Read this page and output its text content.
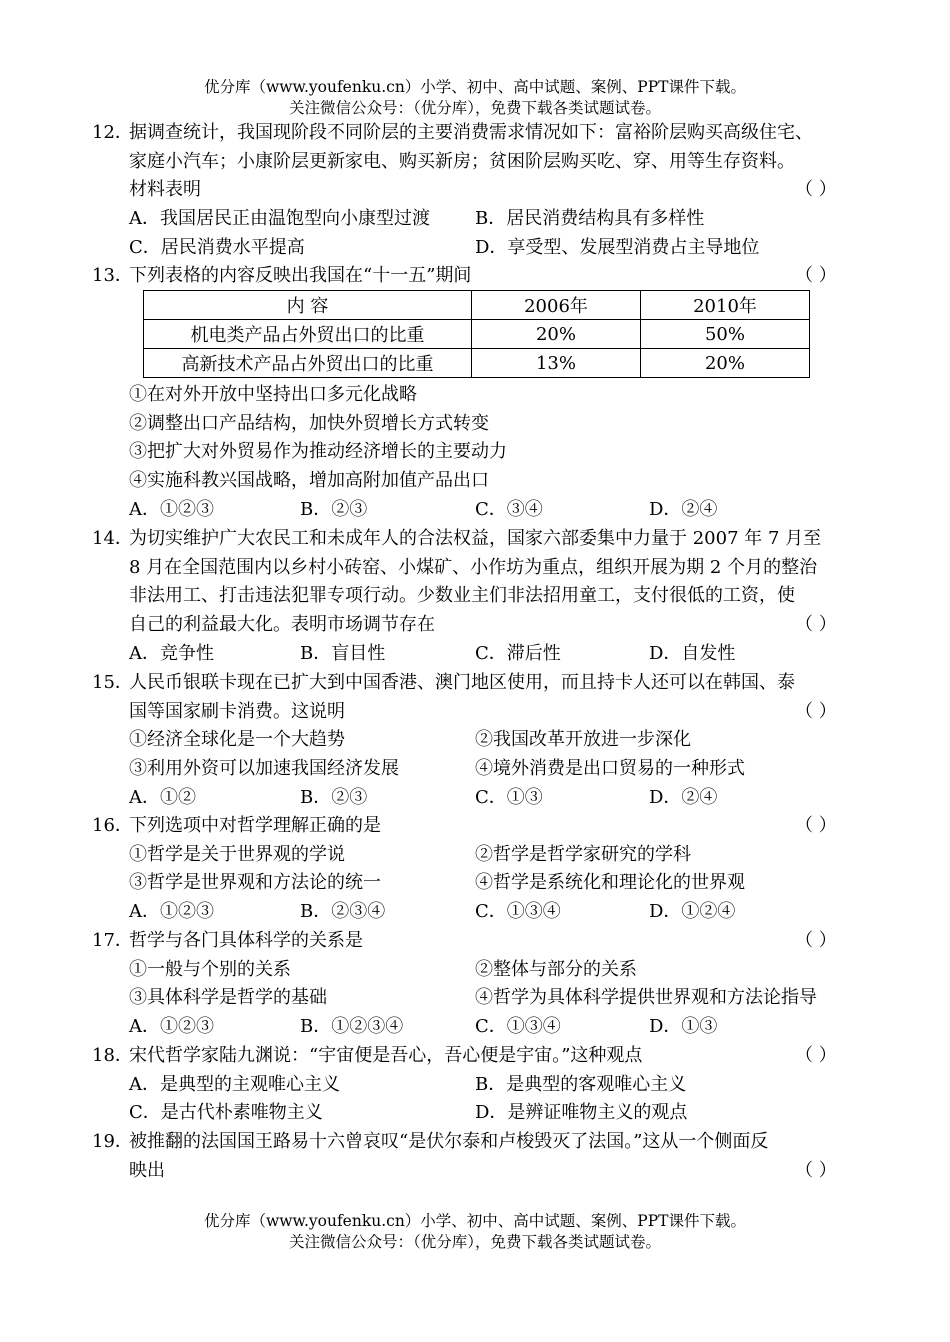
优分库（www.youfenku.cn）小学、初中、高中试题、案例、PPT课件下载。
关注微信公众号：（优分库），免费下载各类试题试卷。
12．
据调查统计，我国现阶段不同阶层的主要消费需求情况如下：富裕阶层购买高级住宅、
家庭小汽车；小康阶层更新家电、购买新房；贫困阶层购买吃、穿、用等生存资料。
材料表明	（ ）
A．我国居民正由温饱型向小康型过渡	B．居民消费结构具有多样性
C．居民消费水平提高	D．享受型、发展型消费占主导地位
13．
下列表格的内容反映出我国在“十一五”期间	（ ）
内 容	2006年	2010年
机电类产品占外贸出口的比重	20%	50%
高新技术产品占外贸出口的比重	13%	20%
①在对外开放中坚持出口多元化战略
②调整出口产品结构，加快外贸增长方式转变
③把扩大对外贸易作为推动经济增长的主要动力
④实施科教兴国战略，增加高附加值产品出口
A．①②③	B．②③	C．③④	D．②④
14．
为切实维护广大农民工和未成年人的合法权益，国家六部委集中力量于 2007 年 7 月至
8 月在全国范围内以乡村小砖窑、小煤矿、小作坊为重点，组织开展为期 2 个月的整治
非法用工、打击违法犯罪专项行动。少数业主们非法招用童工，支付很低的工资，使
自己的利益最大化。表明市场调节存在	（ ）
A．竞争性	B．盲目性	C．滞后性	D．自发性
15．
人民币银联卡现在已扩大到中国香港、澳门地区使用，而且持卡人还可以在韩国、泰
国等国家刷卡消费。这说明	（ ）
①经济全球化是一个大趋势	②我国改革开放进一步深化
③利用外资可以加速我国经济发展	④境外消费是出口贸易的一种形式
A．①②	B．②③	C．①③	D．②④
16．
下列选项中对哲学理解正确的是	（ ）
①哲学是关于世界观的学说	②哲学是哲学家研究的学科
③哲学是世界观和方法论的统一	④哲学是系统化和理论化的世界观
A．①②③	B．②③④	C．①③④	D．①②④
17．
哲学与各门具体科学的关系是	（ ）
①一般与个别的关系	②整体与部分的关系
③具体科学是哲学的基础	④哲学为具体科学提供世界观和方法论指导
A．①②③	B．①②③④	C．①③④	D．①③
18．
宋代哲学家陆九渊说：“宇宙便是吾心，吾心便是宇宙。”这种观点	（ ）
A．是典型的主观唯心主义	B．是典型的客观唯心主义
C．是古代朴素唯物主义	D．是辨证唯物主义的观点
19．
被推翻的法国国王路易十六曾哀叹“是伏尔泰和卢梭毁灭了法国。”这从一个侧面反
映出	（ ）
优分库（www.youfenku.cn）小学、初中、高中试题、案例、PPT课件下载。
关注微信公众号：（优分库），免费下载各类试题试卷。
